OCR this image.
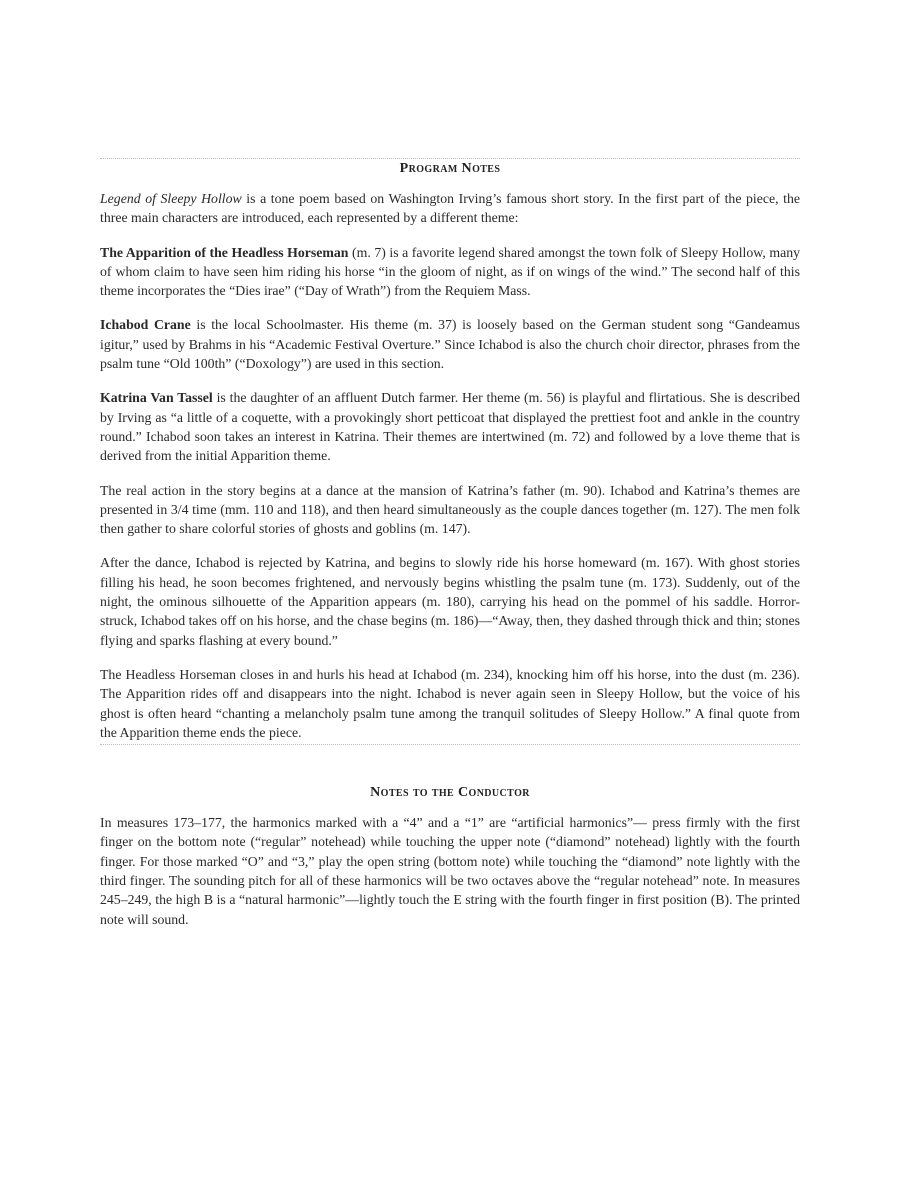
Program Notes

Legend of Sleepy Hollow is a tone poem based on Washington Irving’s famous short story. In the first part of the piece, the three main characters are introduced, each represented by a different theme:

The Apparition of the Headless Horseman (m. 7) is a favorite legend shared amongst the town folk of Sleepy Hollow, many of whom claim to have seen him riding his horse “in the gloom of night, as if on wings of the wind.” The second half of this theme incorporates the “Dies irae” (“Day of Wrath”) from the Requiem Mass.

Ichabod Crane is the local Schoolmaster. His theme (m. 37) is loosely based on the German student song “Gandeamus igitur,” used by Brahms in his “Academic Festival Overture.” Since Ichabod is also the church choir director, phrases from the psalm tune “Old 100th” (“Doxology”) are used in this section.

Katrina Van Tassel is the daughter of an affluent Dutch farmer. Her theme (m. 56) is playful and flirtatious. She is described by Irving as “a little of a coquette, with a provokingly short petticoat that displayed the prettiest foot and ankle in the country round.” Ichabod soon takes an interest in Katrina. Their themes are intertwined (m. 72) and followed by a love theme that is derived from the initial Apparition theme.

The real action in the story begins at a dance at the mansion of Katrina’s father (m. 90). Ichabod and Katrina’s themes are presented in 3/4 time (mm. 110 and 118), and then heard simultaneously as the couple dances together (m. 127). The men folk then gather to share colorful stories of ghosts and goblins (m. 147).

After the dance, Ichabod is rejected by Katrina, and begins to slowly ride his horse homeward (m. 167). With ghost stories filling his head, he soon becomes frightened, and nervously begins whistling the psalm tune (m. 173). Suddenly, out of the night, the ominous silhouette of the Apparition appears (m. 180), carrying his head on the pommel of his saddle. Horror-struck, Ichabod takes off on his horse, and the chase begins (m. 186)—“Away, then, they dashed through thick and thin; stones flying and sparks flashing at every bound.”

The Headless Horseman closes in and hurls his head at Ichabod (m. 234), knocking him off his horse, into the dust (m. 236). The Apparition rides off and disappears into the night. Ichabod is never again seen in Sleepy Hollow, but the voice of his ghost is often heard “chanting a melancholy psalm tune among the tranquil solitudes of Sleepy Hollow.” A final quote from the Apparition theme ends the piece.

Notes to the Conductor

In measures 173–177, the harmonics marked with a “4” and a “1” are “artificial harmonics”— press firmly with the first finger on the bottom note (“regular” notehead) while touching the upper note (“diamond” notehead) lightly with the fourth finger. For those marked “O” and “3,” play the open string (bottom note) while touching the “diamond” note lightly with the third finger. The sounding pitch for all of these harmonics will be two octaves above the “regular notehead” note. In measures 245–249, the high B is a “natural harmonic”—lightly touch the E string with the fourth finger in first position (B). The printed note will sound.
